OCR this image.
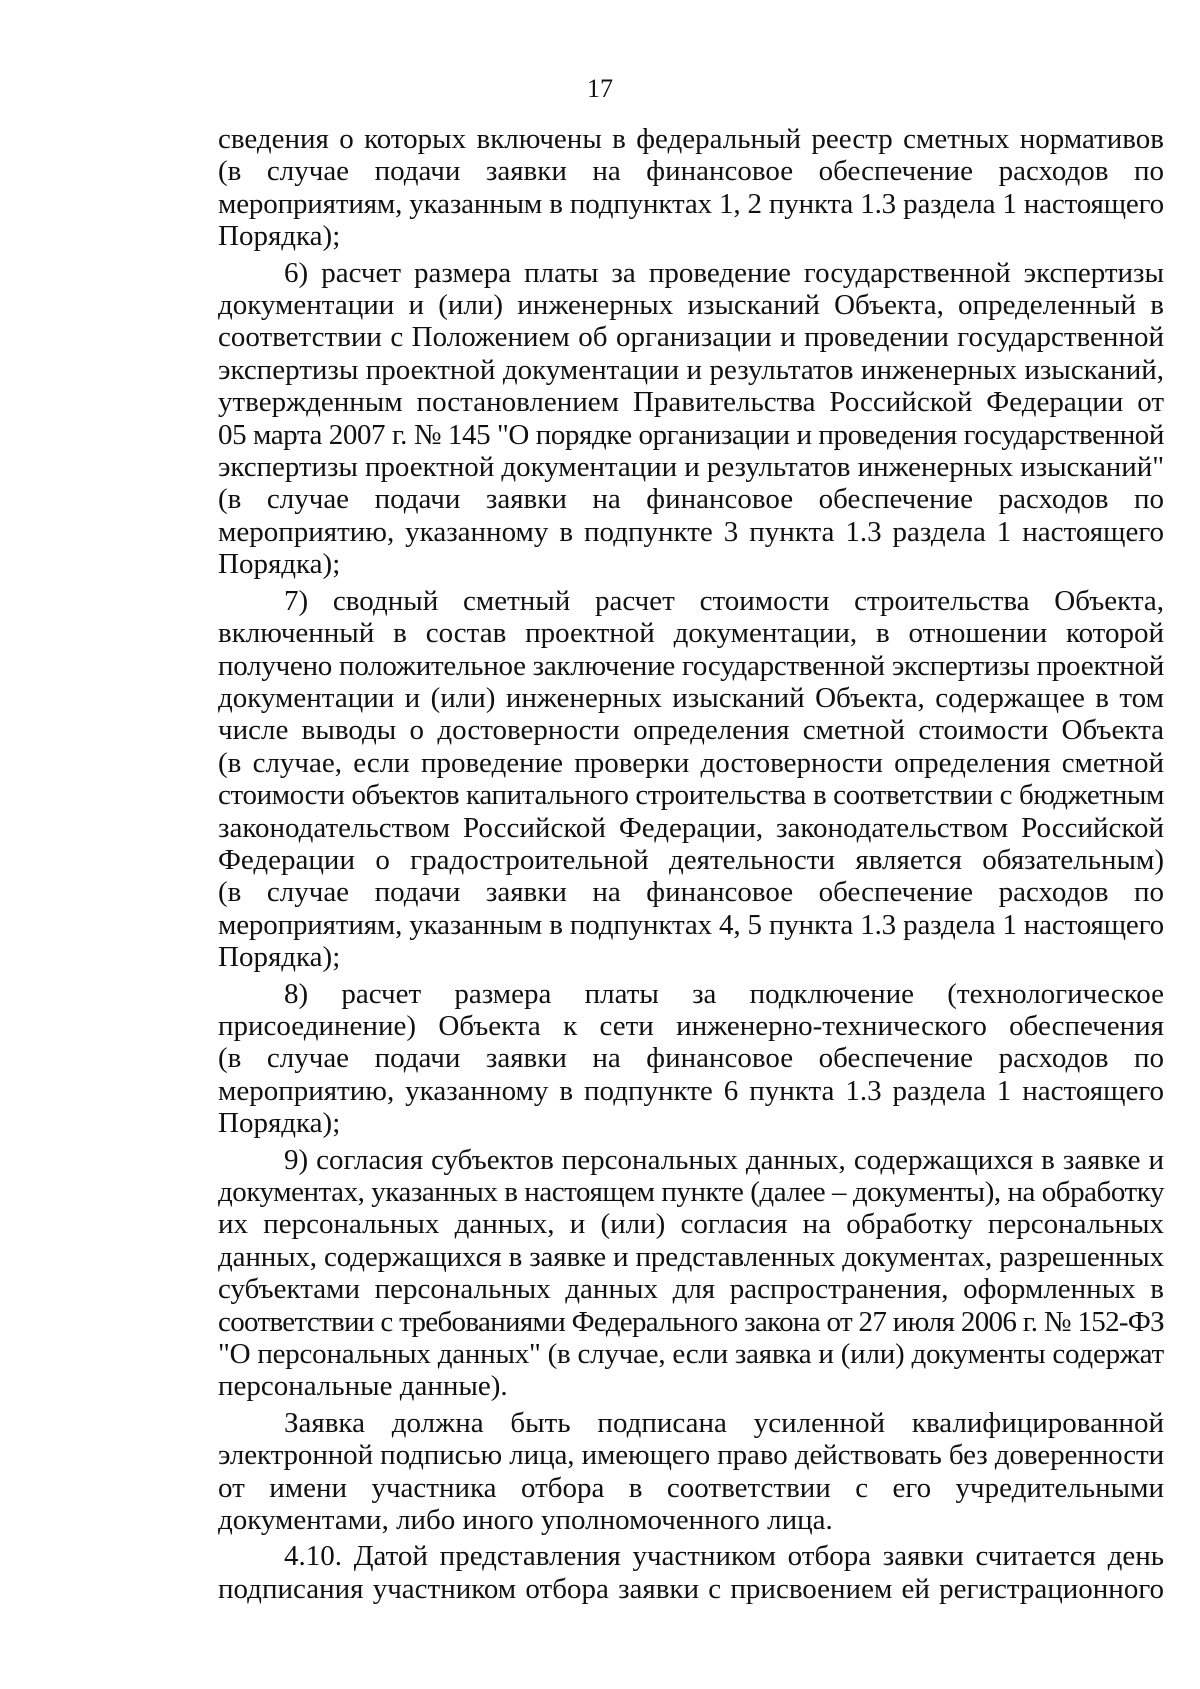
17
сведения о которых включены в федеральный реестр сметных нормативов
(в случае подачи заявки на финансовое обеспечение расходов по
мероприятиям, указанным в подпунктах 1, 2 пункта 1.3 раздела 1 настоящего
Порядка);
6) расчет размера платы за проведение государственной экспертизы
документации и (или) инженерных изысканий Объекта, определенный в
соответствии с Положением об организации и проведении государственной
экспертизы проектной документации и результатов инженерных изысканий,
утвержденным постановлением Правительства Российской Федерации от
05 марта 2007 г. № 145 "О порядке организации и проведения государственной
экспертизы проектной документации и результатов инженерных изысканий"
(в случае подачи заявки на финансовое обеспечение расходов по
мероприятию, указанному в подпункте 3 пункта 1.3 раздела 1 настоящего
Порядка);
7) сводный сметный расчет стоимости строительства Объекта,
включенный в состав проектной документации, в отношении которой
получено положительное заключение государственной экспертизы проектной
документации и (или) инженерных изысканий Объекта, содержащее в том
числе выводы о достоверности определения сметной стоимости Объекта
(в случае, если проведение проверки достоверности определения сметной
стоимости объектов капитального строительства в соответствии с бюджетным
законодательством Российской Федерации, законодательством Российской
Федерации о градостроительной деятельности является обязательным)
(в случае подачи заявки на финансовое обеспечение расходов по
мероприятиям, указанным в подпунктах 4, 5 пункта 1.3 раздела 1 настоящего
Порядка);
8) расчет размера платы за подключение (технологическое
присоединение) Объекта к сети инженерно-технического обеспечения
(в случае подачи заявки на финансовое обеспечение расходов по
мероприятию, указанному в подпункте 6 пункта 1.3 раздела 1 настоящего
Порядка);
9) согласия субъектов персональных данных, содержащихся в заявке и
документах, указанных в настоящем пункте (далее – документы), на обработку
их персональных данных, и (или) согласия на обработку персональных
данных, содержащихся в заявке и представленных документах, разрешенных
субъектами персональных данных для распространения, оформленных в
соответствии с требованиями Федерального закона от 27 июля 2006 г. № 152-ФЗ
"О персональных данных" (в случае, если заявка и (или) документы содержат
персональные данные).
Заявка должна быть подписана усиленной квалифицированной
электронной подписью лица, имеющего право действовать без доверенности
от имени участника отбора в соответствии с его учредительными
документами, либо иного уполномоченного лица.
4.10. Датой представления участником отбора заявки считается день
подписания участником отбора заявки с присвоением ей регистрационного
